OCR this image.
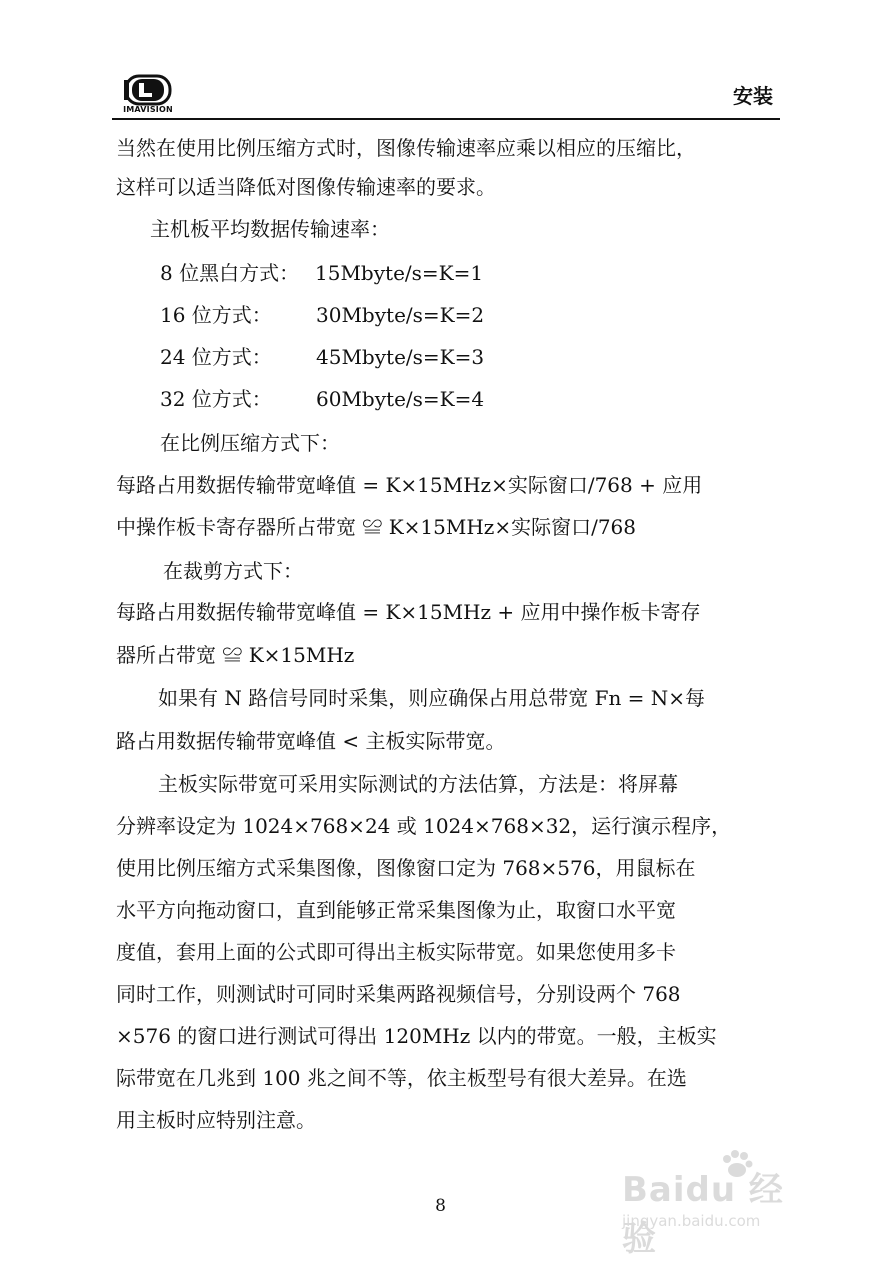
IMAVISION
安装
当然在使用比例压缩方式时，图像传输速率应乘以相应的压缩比，
这样可以适当降低对图像传输速率的要求。
主机板平均数据传输速率：
8 位黑白方式： 15Mbyte/s=K=1
16 位方式： 30Mbyte/s=K=2
24 位方式： 45Mbyte/s=K=3
32 位方式： 60Mbyte/s=K=4
在比例压缩方式下：
每路占用数据传输带宽峰值 = K×15MHz×实际窗口/768 + 应用
中操作板卡寄存器所占带宽 ≌ K×15MHz×实际窗口/768
在裁剪方式下：
每路占用数据传输带宽峰值 = K×15MHz + 应用中操作板卡寄存
器所占带宽 ≌ K×15MHz
如果有 N 路信号同时采集，则应确保占用总带宽 Fn = N×每
路占用数据传输带宽峰值 < 主板实际带宽。
主板实际带宽可采用实际测试的方法估算，方法是：将屏幕
分辨率设定为 1024×768×24 或 1024×768×32，运行演示程序，
使用比例压缩方式采集图像，图像窗口定为 768×576，用鼠标在
水平方向拖动窗口，直到能够正常采集图像为止，取窗口水平宽
度值，套用上面的公式即可得出主板实际带宽。如果您使用多卡
同时工作，则测试时可同时采集两路视频信号，分别设两个 768
×576 的窗口进行测试可得出 120MHz 以内的带宽。一般，主板实
际带宽在几兆到 100 兆之间不等，依主板型号有很大差异。在选
用主板时应特别注意。
8	Baidu 经验
jingyan.baidu.com
